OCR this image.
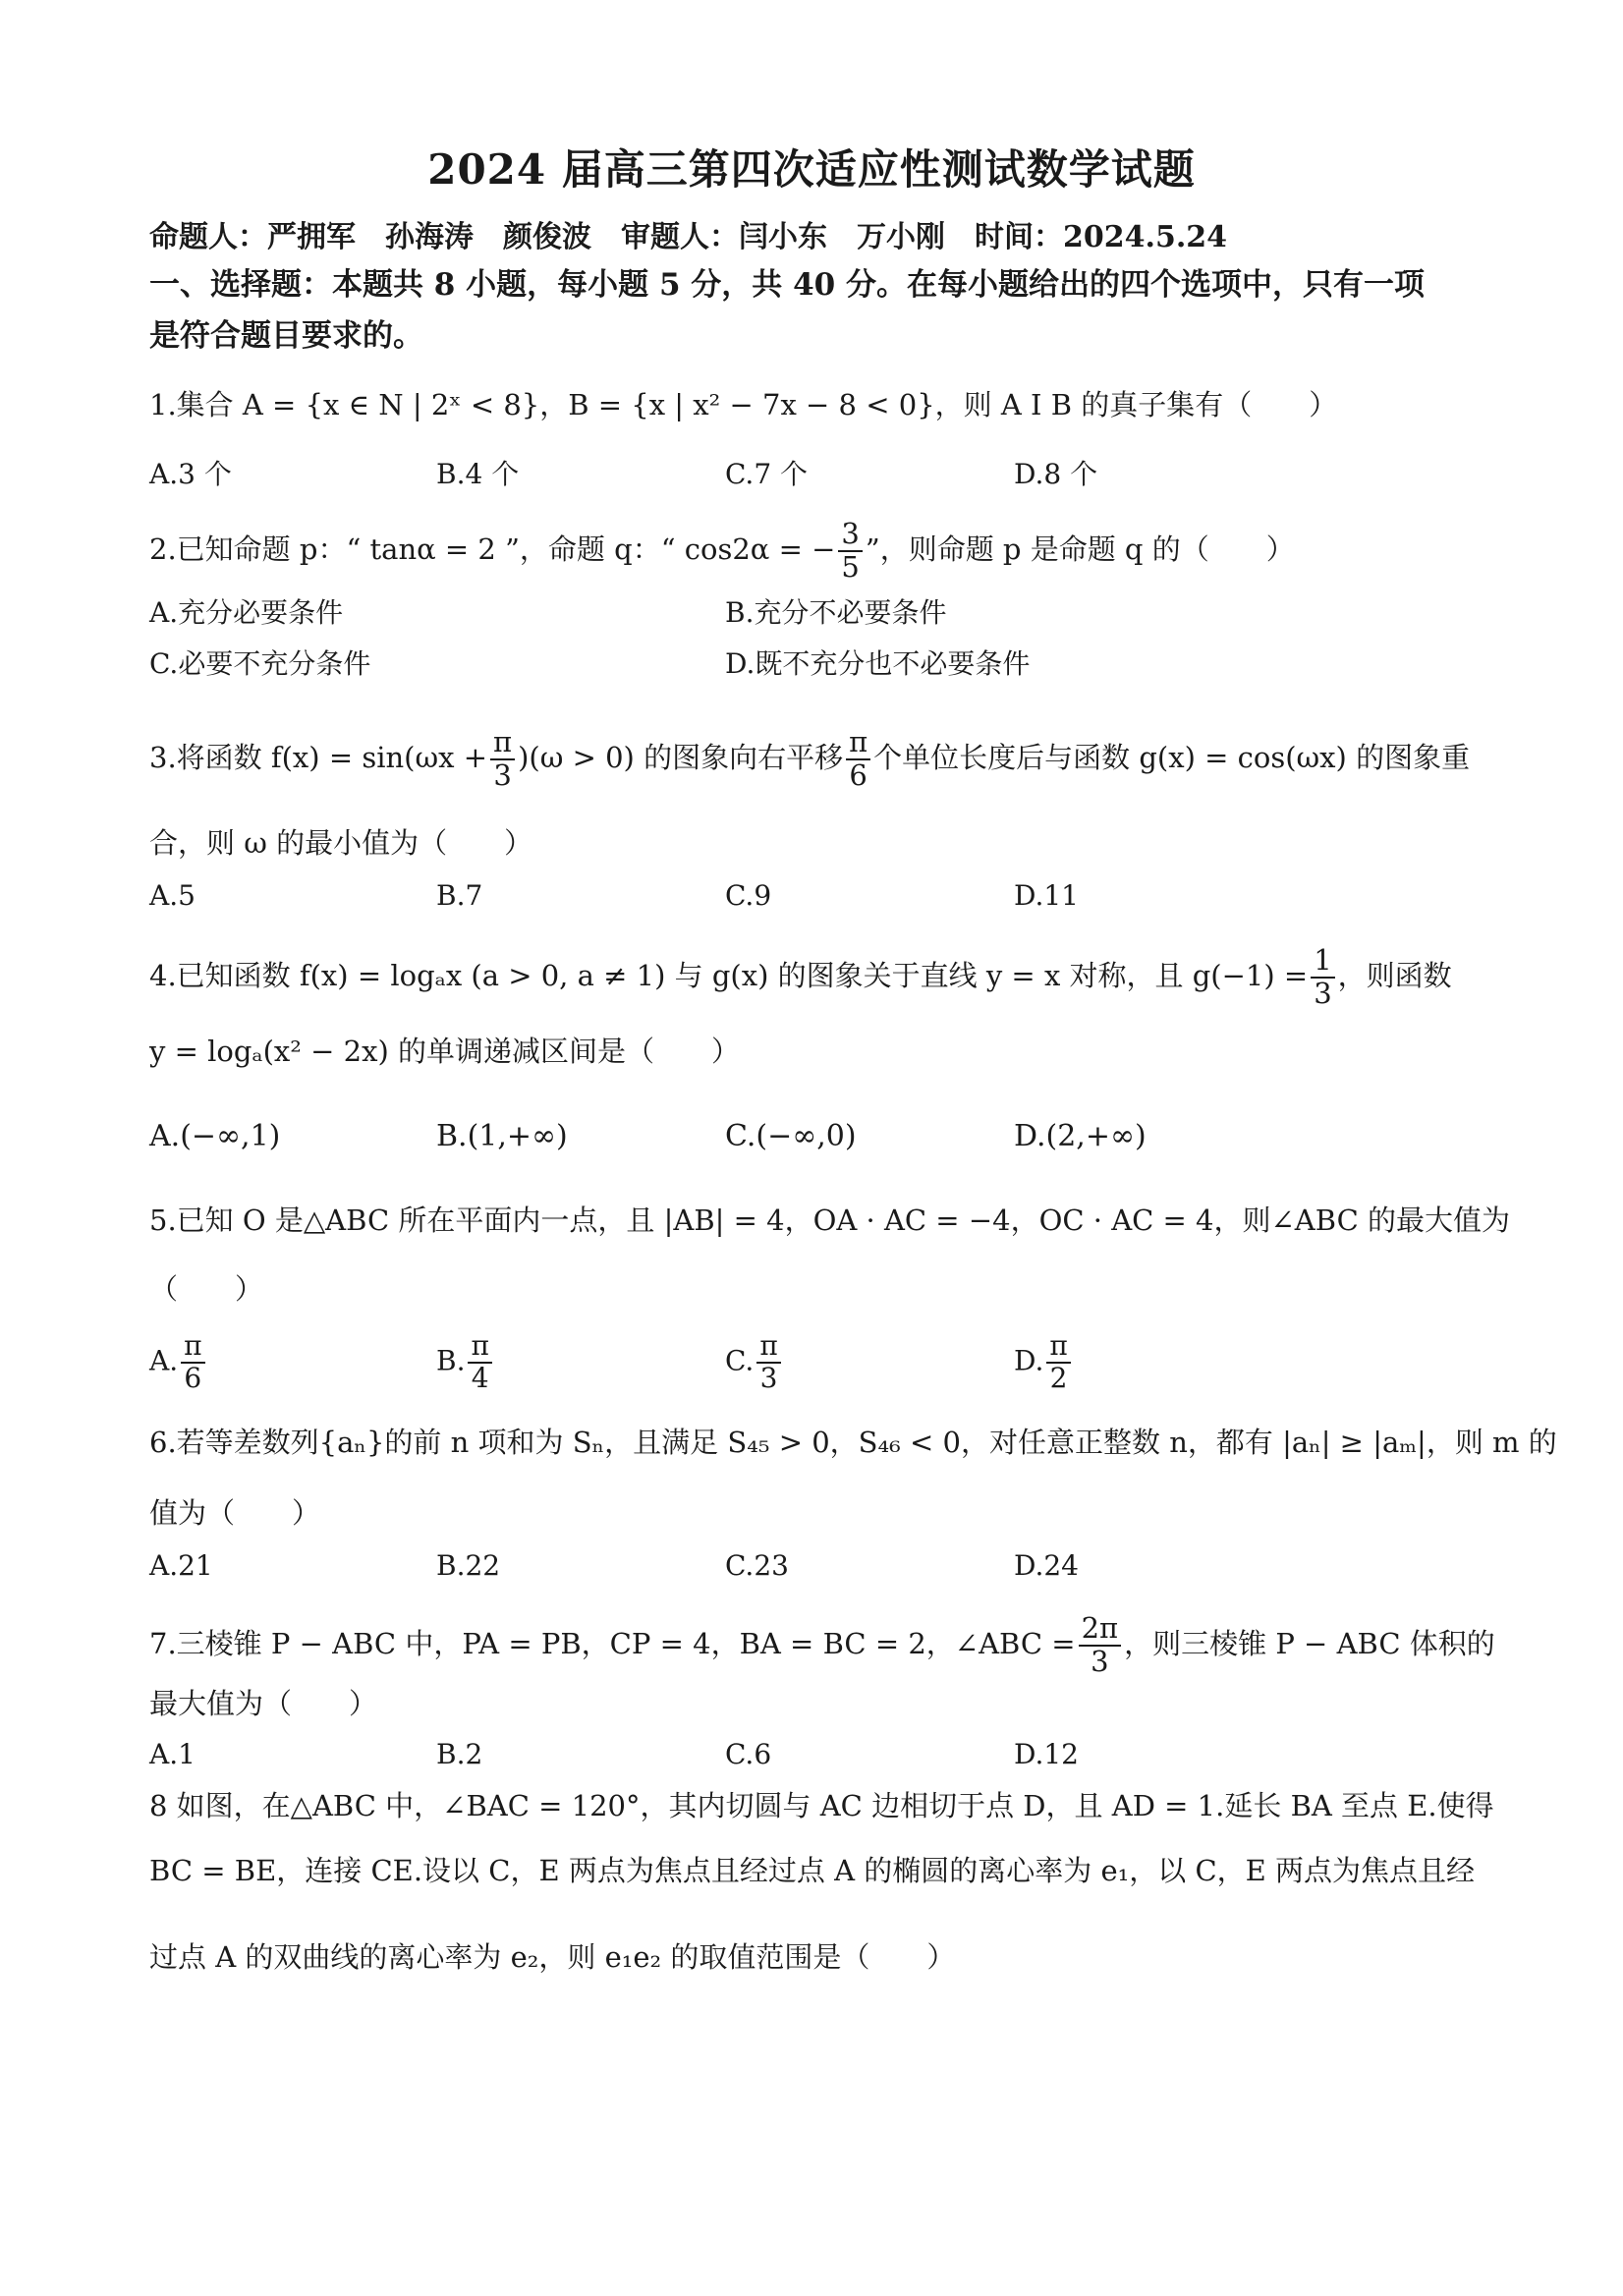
2024 届高三第四次适应性测试数学试题
命题人：严拥军　孙海涛　颜俊波　审题人：闫小东　万小刚　时间：2024.5.24
一、选择题：本题共 8 小题，每小题 5 分，共 40 分。在每小题给出的四个选项中，只有一项
是符合题目要求的。
1.集合 A = {x ∈ N | 2ˣ < 8}，B = {x | x² − 7x − 8 < 0}，则 A I B 的真子集有（　　）
A.3 个	B.4 个	C.7 个	D.8 个
2.已知命题 p：“ tanα = 2 ”，命题 q：“ cos2α = − $\frac{3}{5}$ ”，则命题 p 是命题 q 的（　　）
A.充分必要条件	B.充分不必要条件
C.必要不充分条件	D.既不充分也不必要条件
3.将函数 $f(x) = \sin(\omega x + \frac{\pi}{3} )(\omega > 0)$ 的图象向右平移 $\frac{\pi}{6}$ 个单位长度后与函数 g(x) = cos(ωx) 的图象重
合，则 ω 的最小值为（　　）
A.5	B.7	C.9	D.11
4.已知函数 f(x) = logₐx (a > 0, a ≠ 1) 与 g(x) 的图象关于直线 y = x 对称，且 $g(-1) = \frac{1}{3}$ ，则函数
y = logₐ(x² − 2x) 的单调递减区间是（　　）
A.(−∞,1)	B.(1,+∞)	C.(−∞,0)	D.(2,+∞)
5.已知 O 是△ABC 所在平面内一点，且 |AB| = 4，OA · AC = −4，OC · AC = 4，则∠ABC 的最大值为
（　　）
A. $\frac{\pi}{6}$	B. $\frac{\pi}{4}$	C. $\frac{\pi}{3}$	D. $\frac{\pi}{2}$
6.若等差数列{aₙ}的前 n 项和为 Sₙ，且满足 S₄₅ > 0，S₄₆ < 0，对任意正整数 n，都有 |aₙ| ≥ |aₘ|，则 m 的
值为（　　）
A.21	B.22	C.23	D.24
7.三棱锥 P − ABC 中，PA = PB，CP = 4，BA = BC = 2，∠ABC = $\frac{2\pi}{3}$ ，则三棱锥 P − ABC 体积的
最大值为（　　）
A.1	B.2	C.6	D.12
8 如图，在△ABC 中，∠BAC = 120°，其内切圆与 AC 边相切于点 D，且 AD = 1.延长 BA 至点 E.使得
BC = BE，连接 CE.设以 C，E 两点为焦点且经过点 A 的椭圆的离心率为 e₁，以 C，E 两点为焦点且经
过点 A 的双曲线的离心率为 e₂，则 e₁e₂ 的取值范围是（　　）
